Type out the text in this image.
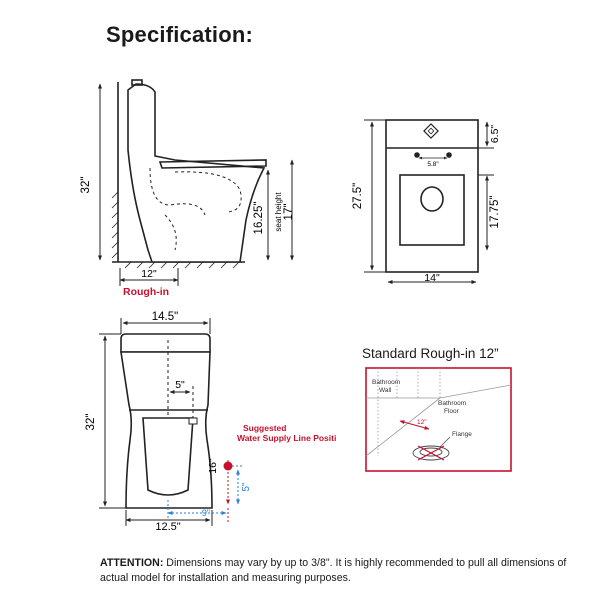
Specification:
32"
16.25" seat height 17"
12"
Rough-in
27.5"
6.5"
17.75"
5.8"
14"
14.5"
32"
5"
16"
5"
12.5"
9"
Suggested
Water Supply Line Positi
Bathroom
Wall
Bathroom
Floor
Flange
12"
Standard Rough-in 12”
ATTENTION: Dimensions may vary by up to 3/8". It is highly recommended to pull all dimensions of actual model for installation and measuring purposes.
